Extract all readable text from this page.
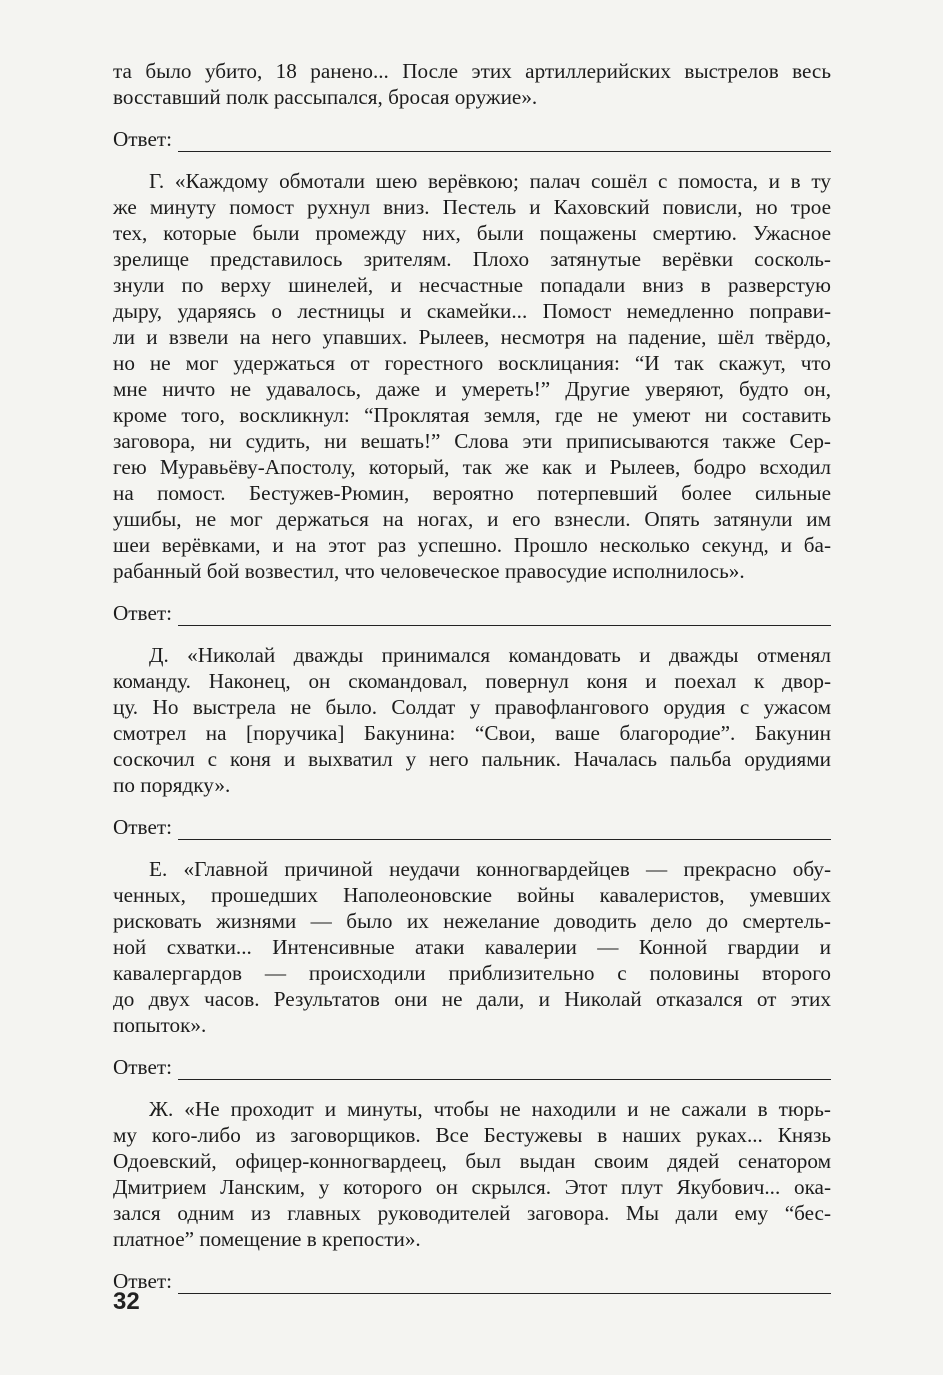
та было убито, 18 ранено... После этих артиллерийских выстрелов весь
восставший полк рассыпался, бросая оружие».

Ответ:

Г. «Каждому обмотали шею верёвкою; палач сошёл с помоста, и в ту
же минуту помост рухнул вниз. Пестель и Каховский повисли, но трое
тех, которые были промежду них, были пощажены смертию. Ужасное
зрелище представилось зрителям. Плохо затянутые верёвки сосколь-
знули по верху шинелей, и несчастные попадали вниз в разверстую
дыру, ударяясь о лестницы и скамейки... Помост немедленно поправи-
ли и взвели на него упавших. Рылеев, несмотря на падение, шёл твёрдо,
но не мог удержаться от горестного восклицания: “И так скажут, что
мне ничто не удавалось, даже и умереть!” Другие уверяют, будто он,
кроме того, воскликнул: “Проклятая земля, где не умеют ни составить
заговора, ни судить, ни вешать!” Слова эти приписываются также Сер-
гею Муравьёву-Апостолу, который, так же как и Рылеев, бодро всходил
на помост. Бестужев-Рюмин, вероятно потерпевший более сильные
ушибы, не мог держаться на ногах, и его взнесли. Опять затянули им
шеи верёвками, и на этот раз успешно. Прошло несколько секунд, и ба-
рабанный бой возвестил, что человеческое правосудие исполнилось».

Ответ:

Д. «Николай дважды принимался командовать и дважды отменял
команду. Наконец, он скомандовал, повернул коня и поехал к двор-
цу. Но выстрела не было. Солдат у правофлангового орудия с ужасом
смотрел на [поручика] Бакунина: “Свои, ваше благородие”. Бакунин
соскочил с коня и выхватил у него пальник. Началась пальба орудиями
по порядку».

Ответ:

Е. «Главной причиной неудачи конногвардейцев — прекрасно обу-
ченных, прошедших Наполеоновские войны кавалеристов, умевших
рисковать жизнями — было их нежелание доводить дело до смертель-
ной схватки... Интенсивные атаки кавалерии — Конной гвардии и
кавалергардов — происходили приблизительно с половины второго
до двух часов. Результатов они не дали, и Николай отказался от этих
попыток».

Ответ:

Ж. «Не проходит и минуты, чтобы не находили и не сажали в тюрь-
му кого-либо из заговорщиков. Все Бестужевы в наших руках... Князь
Одоевский, офицер-конногвардеец, был выдан своим дядей сенатором
Дмитрием Ланским, у которого он скрылся. Этот плут Якубович... ока-
зался одним из главных руководителей заговора. Мы дали ему “бес-
платное” помещение в крепости».

Ответ:
32
